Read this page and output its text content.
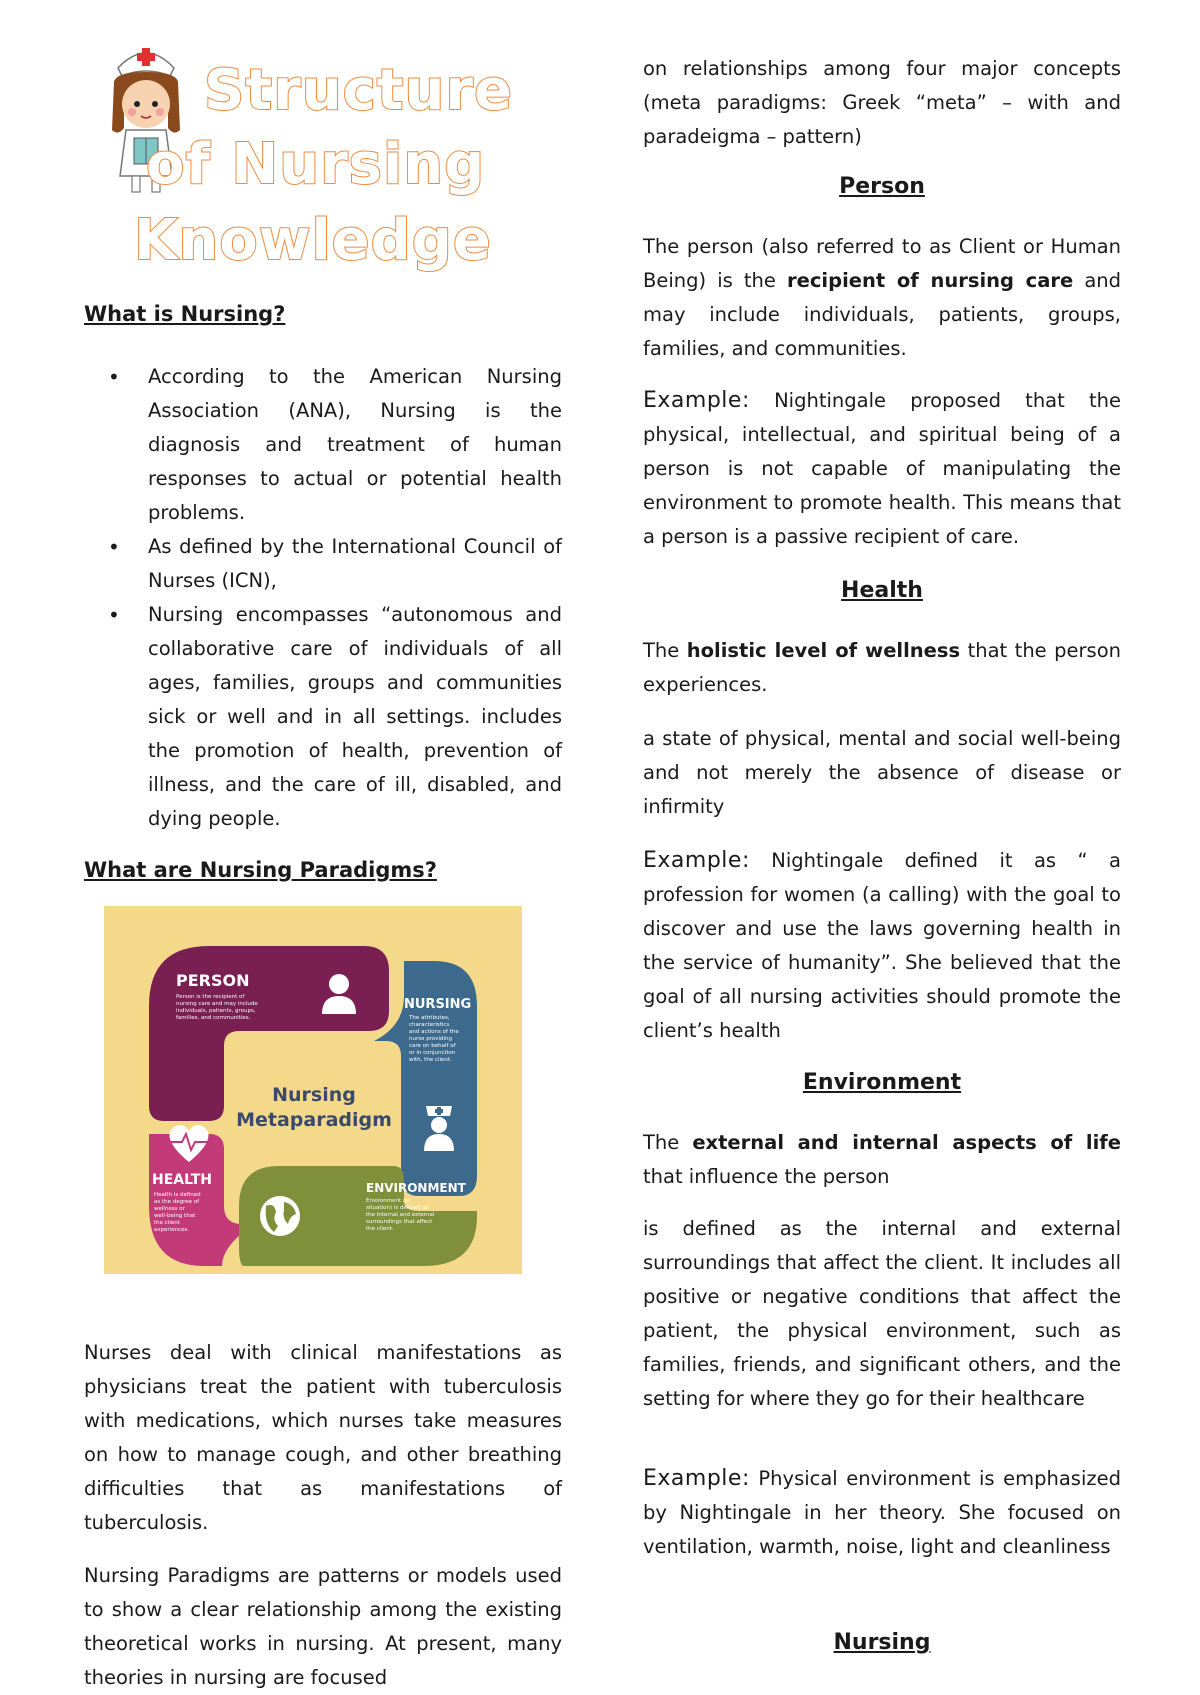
Structure
of Nursing
Knowledge
What is Nursing?
• According to the American Nursing Association (ANA), Nursing is the diagnosis and treatment of human responses to actual or potential health problems.
• As defined by the International Council of Nurses (ICN),
• Nursing encompasses “autonomous and collaborative care of individuals of all ages, families, groups and communities sick or well and in all settings. includes the promotion of health, prevention of illness, and the care of ill, disabled, and dying people.
What are Nursing Paradigms?

Nurses deal with clinical manifestations as physicians treat the patient with tuberculosis with medications, which nurses take measures on how to manage cough, and other breathing difficulties that as manifestations of tuberculosis.

Nursing Paradigms are patterns or models used to show a clear relationship among the existing theoretical works in nursing. At present, many theories in nursing are focused

Nursing
Metaparadigm
PERSON
Person is the recipient of
nursing care and may include
individuals, patients, groups,
families, and communities.
NURSING
The attributes,
characteristics
and actions of the
nurse providing
care on behalf of
or in conjunction
with, the client.
HEALTH
Health is defined
as the degree of
wellness or
well-being that
the client
experiences.
ENVIRONMENT
Environment (or
situation) is defined as
the internal and external
surroundings that affect
the client.

on relationships among four major concepts (meta paradigms: Greek “meta” – with and paradeigma – pattern)

Person

The person (also referred to as Client or Human Being) is the recipient of nursing care and may include individuals, patients, groups, families, and communities.

Example: Nightingale proposed that the physical, intellectual, and spiritual being of a person is not capable of manipulating the environment to promote health. This means that a person is a passive recipient of care.

Health

The holistic level of wellness that the person experiences.

a state of physical, mental and social well-being and not merely the absence of disease or infirmity

Example: Nightingale defined it as “ a profession for women (a calling) with the goal to discover and use the laws governing health in the service of humanity”. She believed that the goal of all nursing activities should promote the client’s health

Environment

The external and internal aspects of life that influence the person

is defined as the internal and external surroundings that affect the client. It includes all positive or negative conditions that affect the patient, the physical environment, such as families, friends, and significant others, and the setting for where they go for their healthcare

Example: Physical environment is emphasized by Nightingale in her theory. She focused on ventilation, warmth, noise, light and cleanliness

Nursing
